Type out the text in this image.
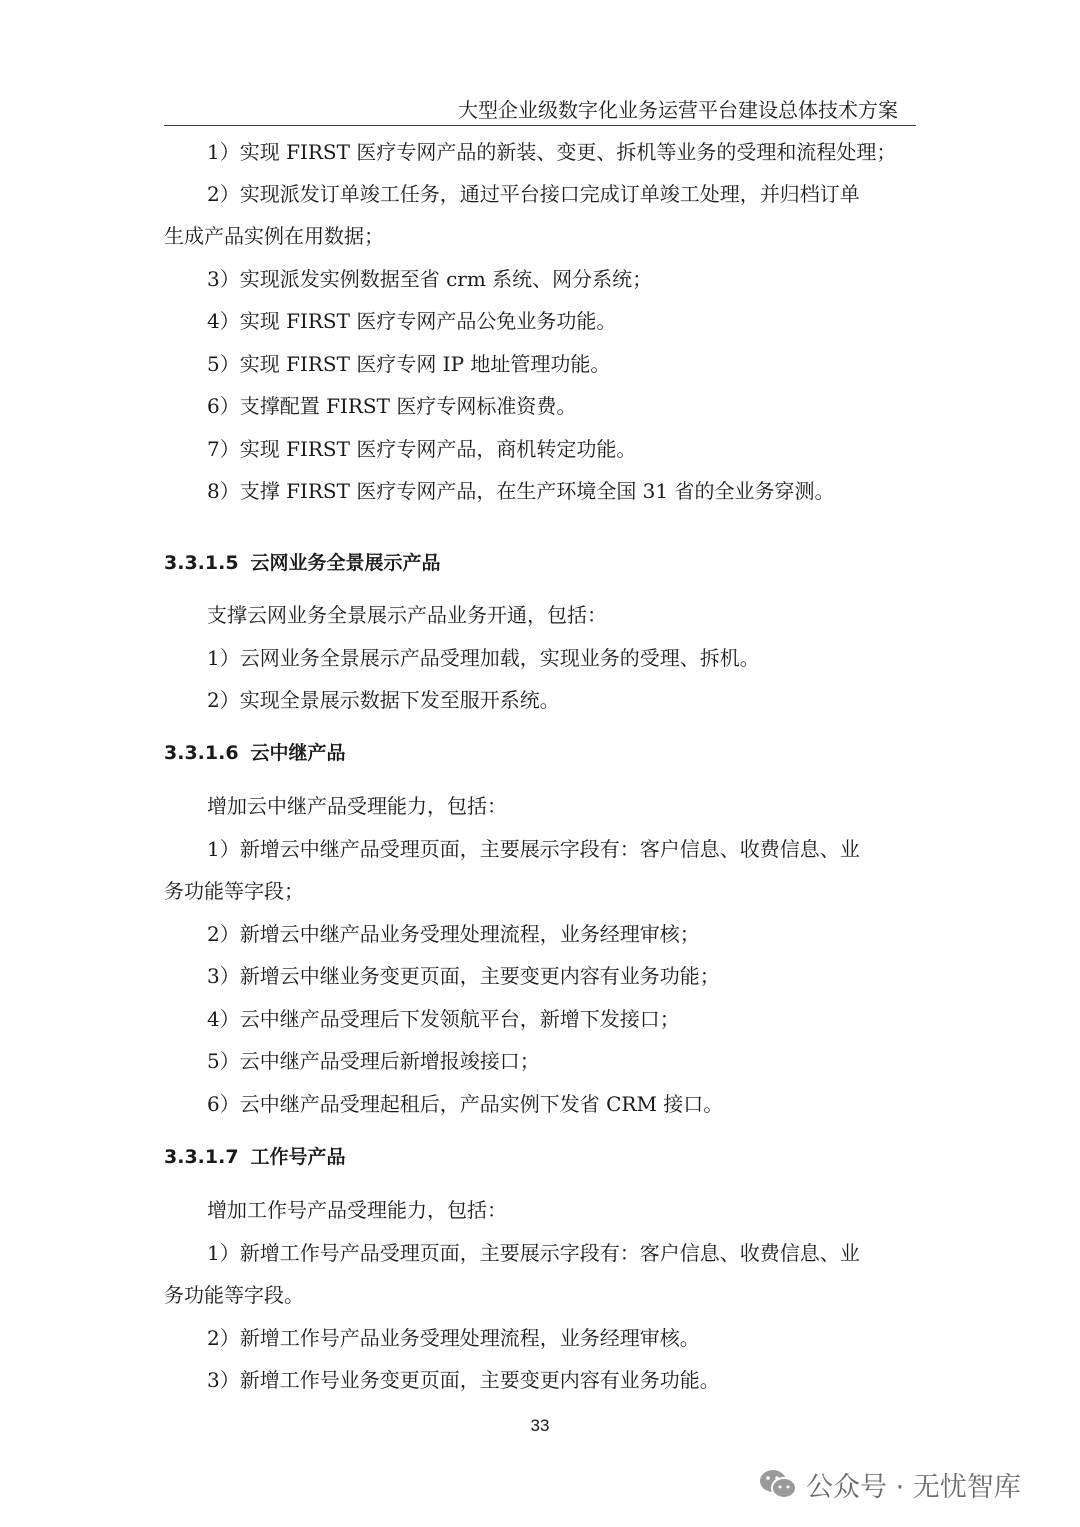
大型企业级数字化业务运营平台建设总体技术方案
1）实现 FIRST 医疗专网产品的新装、变更、拆机等业务的受理和流程处理；
2）实现派发订单竣工任务，通过平台接口完成订单竣工处理，并归档订单
生成产品实例在用数据；
3）实现派发实例数据至省 crm 系统、网分系统；
4）实现 FIRST 医疗专网产品公免业务功能。
5）实现 FIRST 医疗专网 IP 地址管理功能。
6）支撑配置 FIRST 医疗专网标准资费。
7）实现 FIRST 医疗专网产品，商机转定功能。
8）支撑 FIRST 医疗专网产品，在生产环境全国 31 省的全业务穿测。
3.3.1.5 云网业务全景展示产品
支撑云网业务全景展示产品业务开通，包括：
1）云网业务全景展示产品受理加载，实现业务的受理、拆机。
2）实现全景展示数据下发至服开系统。
3.3.1.6 云中继产品
增加云中继产品受理能力，包括：
1）新增云中继产品受理页面，主要展示字段有：客户信息、收费信息、业
务功能等字段；
2）新增云中继产品业务受理处理流程，业务经理审核；
3）新增云中继业务变更页面，主要变更内容有业务功能；
4）云中继产品受理后下发领航平台，新增下发接口；
5）云中继产品受理后新增报竣接口；
6）云中继产品受理起租后，产品实例下发省 CRM 接口。
3.3.1.7 工作号产品
增加工作号产品受理能力，包括：
1）新增工作号产品受理页面，主要展示字段有：客户信息、收费信息、业
务功能等字段。
2）新增工作号产品业务受理处理流程，业务经理审核。
3）新增工作号业务变更页面，主要变更内容有业务功能。
33
公众号 · 无忧智库
